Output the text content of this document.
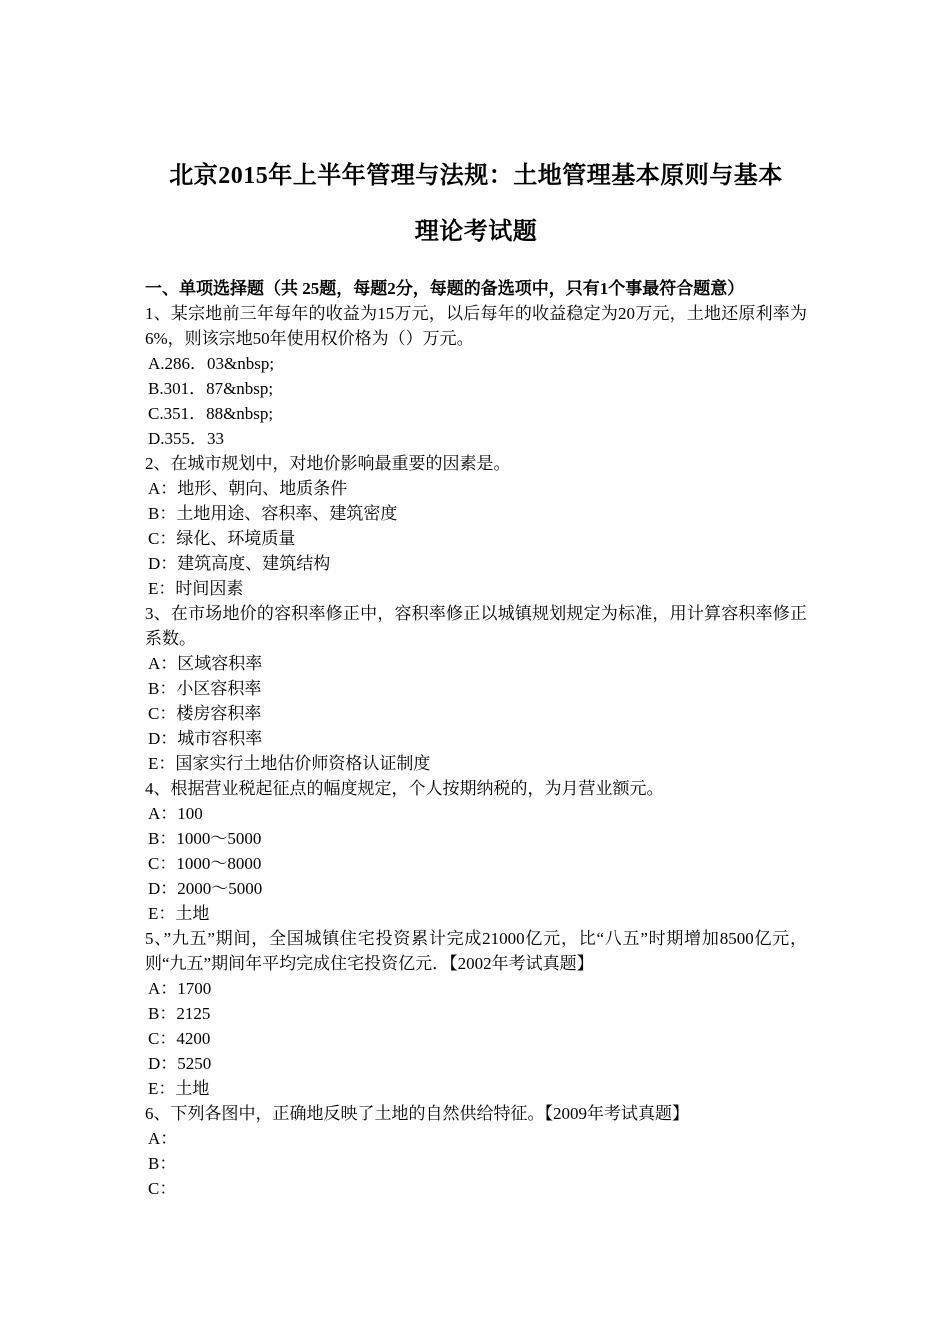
北京2015年上半年管理与法规：土地管理基本原则与基本
理论考试题
一、单项选择题（共 25题，每题2分，每题的备选项中，只有1个事最符合题意）
1、某宗地前三年每年的收益为15万元，以后每年的收益稳定为20万元，土地还原利率为6%，则该宗地50年使用权价格为（）万元。
A.286．03&nbsp;
B.301．87&nbsp;
C.351．88&nbsp;
D.355．33
2、在城市规划中，对地价影响最重要的因素是。
A：地形、朝向、地质条件
B：土地用途、容积率、建筑密度
C：绿化、环境质量
D：建筑高度、建筑结构
E：时间因素
3、在市场地价的容积率修正中，容积率修正以城镇规划规定为标准，用计算容积率修正系数。
A：区域容积率
B：小区容积率
C：楼房容积率
D：城市容积率
E：国家实行土地估价师资格认证制度
4、根据营业税起征点的幅度规定，个人按期纳税的，为月营业额元。
A：100
B：1000～5000
C：1000～8000
D：2000～5000
E：土地
5、”九五”期间，全国城镇住宅投资累计完成21000亿元，比“八五”时期增加8500亿元，则“九五”期间年平均完成住宅投资亿元．【2002年考试真题】
A：1700
B：2125
C：4200
D：5250
E：土地
6、下列各图中，正确地反映了土地的自然供给特征。【2009年考试真题】
A：
B：
C：
